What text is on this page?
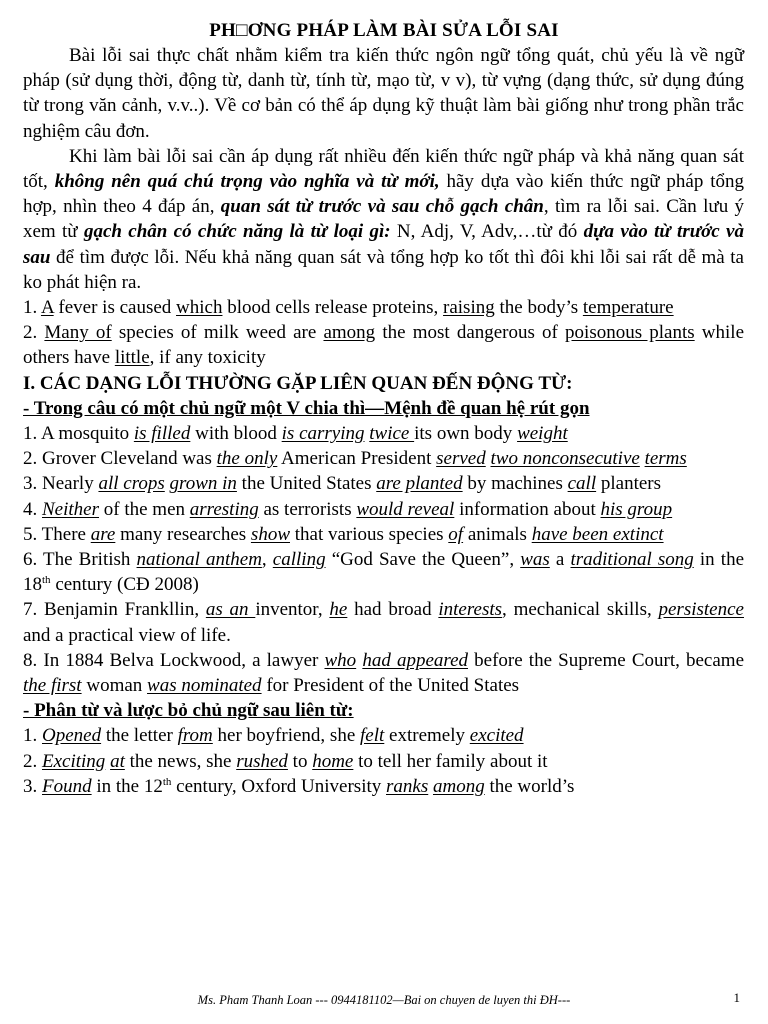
PH□ƠNG PHÁP LÀM BÀI SỬA LỖI SAI

Bài lỗi sai thực chất nhằm kiểm tra kiến thức ngôn ngữ tổng quát, chủ yếu là về ngữ pháp (sử dụng thời, động từ, danh từ, tính từ, mạo từ, v v), từ vựng (dạng thức, sử dụng đúng từ trong văn cảnh, v.v..). Về cơ bản có thể áp dụng kỹ thuật làm bài giống như trong phần trắc nghiệm câu đơn.

Khi làm bài lỗi sai cần áp dụng rất nhiều đến kiến thức ngữ pháp và khả năng quan sát tốt, không nên quá chú trọng vào nghĩa và từ mới, hãy dựa vào kiến thức ngữ pháp tổng hợp, nhìn theo 4 đáp án, quan sát từ trước và sau chỗ gạch chân, tìm ra lỗi sai. Cần lưu ý xem từ gạch chân có chức năng là từ loại gì: N, Adj, V, Adv,…từ đó dựa vào từ trước và sau để tìm được lỗi. Nếu khả năng quan sát và tổng hợp ko tốt thì đôi khi lỗi sai rất dễ mà ta ko phát hiện ra.

1. A fever is caused which blood cells release proteins, raising the body’s temperature

2. Many of species of milk weed are among the most dangerous of poisonous plants while others have little, if any toxicity

I. CÁC DẠNG LỖI THƯỜNG GẶP LIÊN QUAN ĐẾN ĐỘNG TỪ:

- Trong câu có một chủ ngữ một V chia thì—Mệnh đề quan hệ rút gọn

1. A mosquito is filled with blood is carrying twice its own body weight

2. Grover Cleveland was the only American President served two nonconsecutive terms

3. Nearly all crops grown in the United States are planted by machines call planters

4. Neither of the men arresting as terrorists would reveal information about his group

5. There are many researches show that various species of animals have been extinct

6. The British national anthem, calling “God Save the Queen”, was a traditional song in the 18th century (CĐ 2008)

7. Benjamin Frankllin, as an inventor, he had broad interests, mechanical skills, persistence and a practical view of life.

8. In 1884 Belva Lockwood, a lawyer who had appeared before the Supreme Court, became the first woman was nominated for President of the United States

- Phân từ và lược bỏ chủ ngữ sau liên từ:

1. Opened the letter from her boyfriend, she felt extremely excited

2. Exciting at the news, she rushed to home to tell her family about it

3. Found in the 12th century, Oxford University ranks among the world’s

Ms. Pham Thanh Loan --- 0944181102—Bai on chuyen de luyen thi ĐH---	1
